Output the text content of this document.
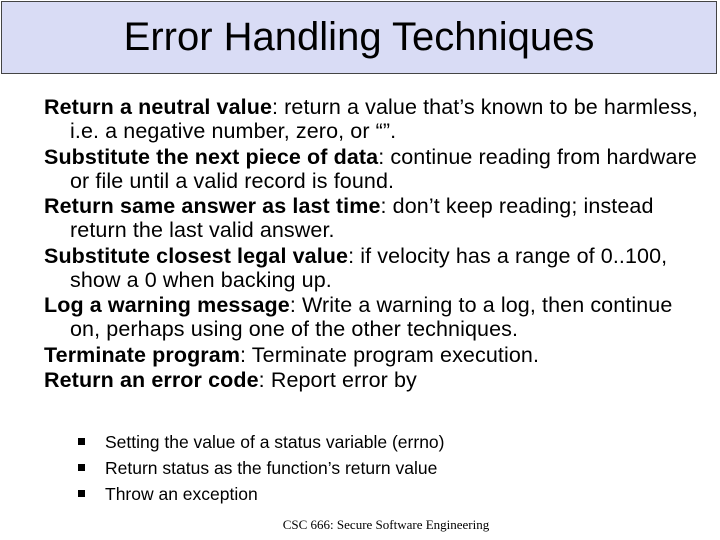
Error Handling Techniques
Return a neutral value: return a value that’s known to be harmless, i.e. a negative number, zero, or “”.
Substitute the next piece of data: continue reading from hardware or file until a valid record is found.
Return same answer as last time: don’t keep reading; instead return the last valid answer.
Substitute closest legal value: if velocity has a range of 0..100, show a 0 when backing up.
Log a warning message: Write a warning to a log, then continue on, perhaps using one of the other techniques.
Terminate program: Terminate program execution.
Return an error code: Report error by
Setting the value of a status variable (errno)
Return status as the function’s return value
Throw an exception
CSC 666: Secure Software Engineering
